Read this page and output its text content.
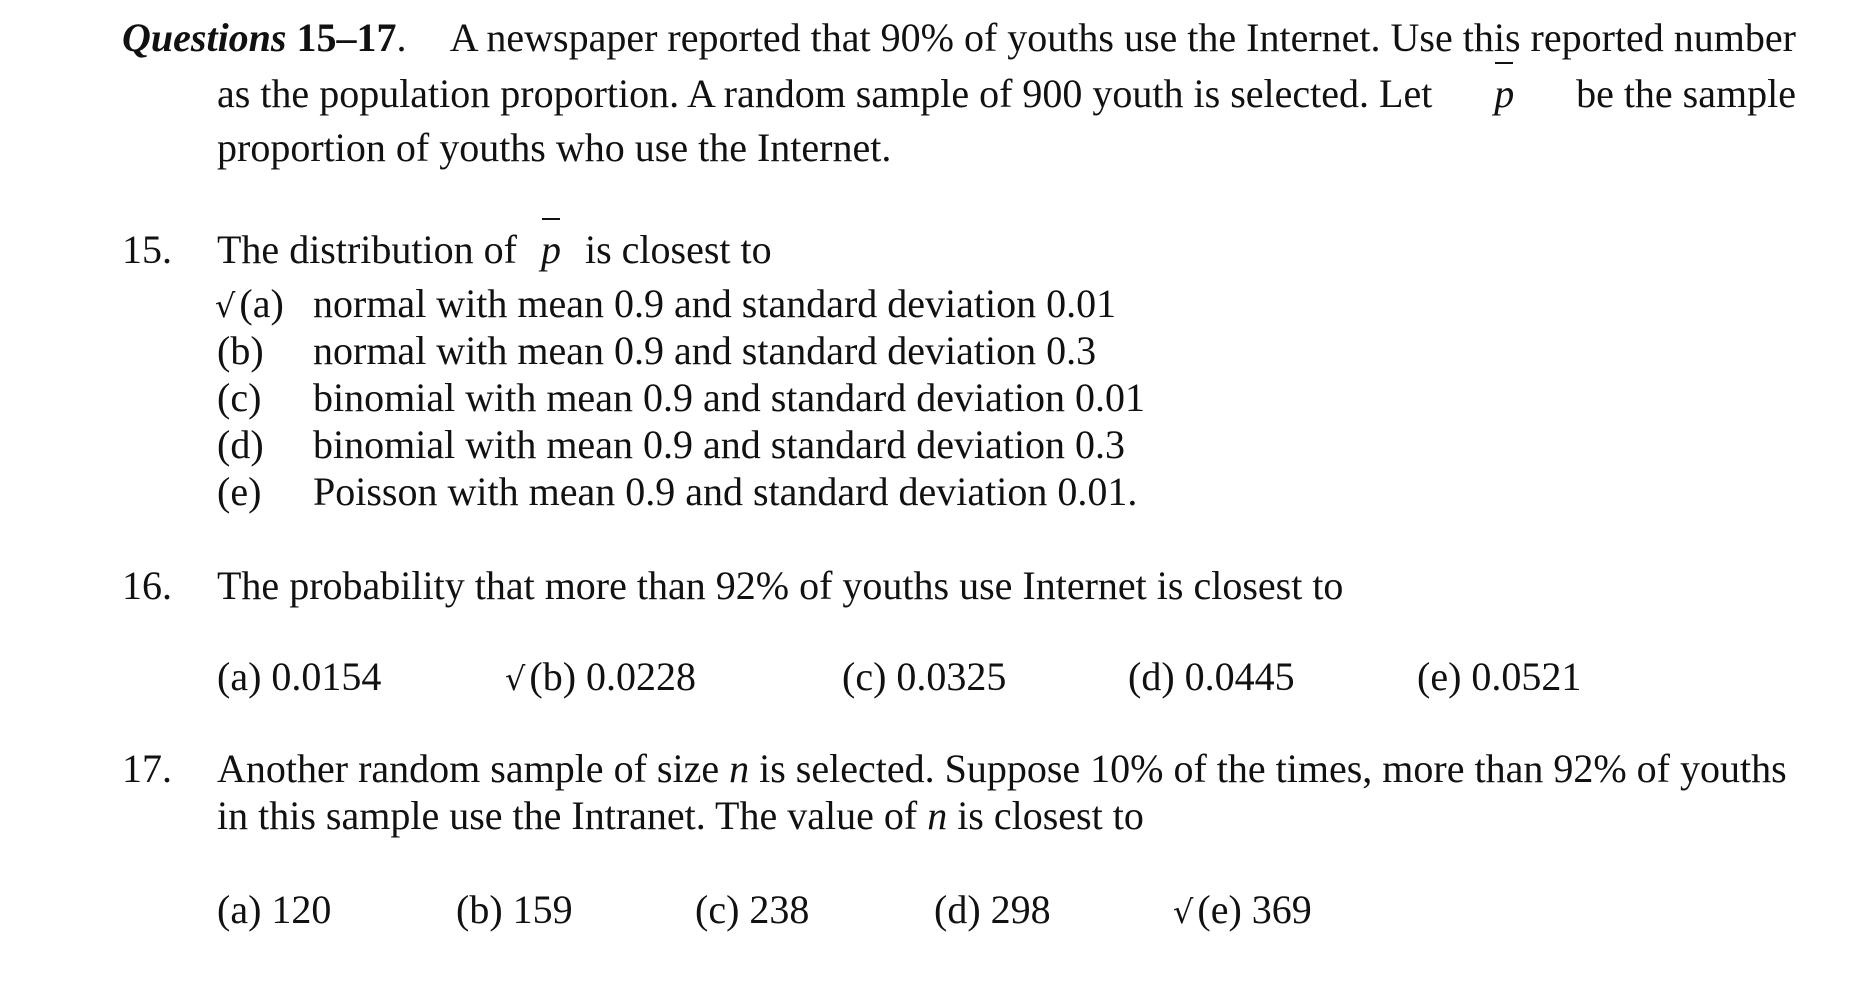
Questions 15–17. A newspaper reported that 90% of youths use the Internet. Use this reported number
as the population proportion. A random sample of 900 youth is selected. Let p be the sample
proportion of youths who use the Internet.
15. The distribution of p is closest to
√ (a) normal with mean 0.9 and standard deviation 0.01
(b) normal with mean 0.9 and standard deviation 0.3
(c) binomial with mean 0.9 and standard deviation 0.01
(d) binomial with mean 0.9 and standard deviation 0.3
(e) Poisson with mean 0.9 and standard deviation 0.01.
16. The probability that more than 92% of youths use Internet is closest to
(a) 0.0154	√ (b) 0.0228	(c) 0.0325	(d) 0.0445	(e) 0.0521
17. Another random sample of size n is selected. Suppose 10% of the times, more than 92% of youths
in this sample use the Intranet. The value of n is closest to
(a) 120	(b) 159	(c) 238	(d) 298	√ (e) 369
